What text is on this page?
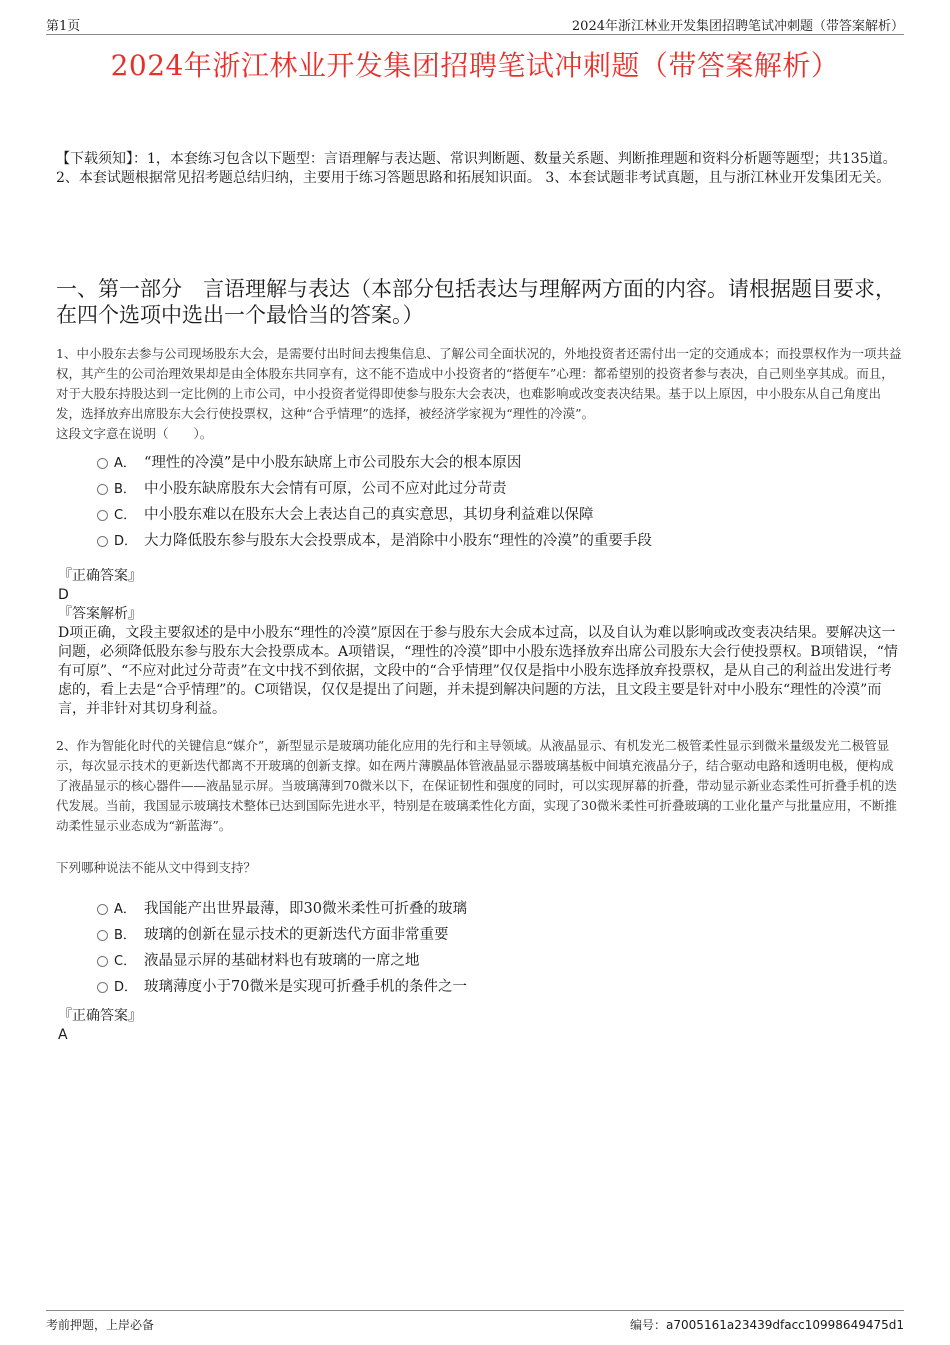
第1页	2024年浙江林业开发集团招聘笔试冲刺题（带答案解析）
2024年浙江林业开发集团招聘笔试冲刺题（带答案解析）
【下载须知】：1，本套练习包含以下题型：言语理解与表达题、常识判断题、数量关系题、判断推理题和资料分析题等题型；共135道。 2、本套试题根据常见招考题总结归纳，主要用于练习答题思路和拓展知识面。 3、本套试题非考试真题，且与浙江林业开发集团无关。
一、第一部分　言语理解与表达（本部分包括表达与理解两方面的内容。请根据题目要求，在四个选项中选出一个最恰当的答案。）
1、中小股东去参与公司现场股东大会，是需要付出时间去搜集信息、了解公司全面状况的，外地投资者还需付出一定的交通成本；而投票权作为一项共益权，其产生的公司治理效果却是由全体股东共同享有，这不能不造成中小投资者的“搭便车”心理：都希望别的投资者参与表决，自己则坐享其成。而且，对于大股东持股达到一定比例的上市公司，中小投资者觉得即使参与股东大会表决，也难影响或改变表决结果。基于以上原因，中小股东从自己角度出发，选择放弃出席股东大会行使投票权，这种“合乎情理”的选择，被经济学家视为“理性的冷漠”。
这段文字意在说明（　　）。
A． “理性的冷漠”是中小股东缺席上市公司股东大会的根本原因
B． 中小股东缺席股东大会情有可原，公司不应对此过分苛责
C． 中小股东难以在股东大会上表达自己的真实意思，其切身利益难以保障
D． 大力降低股东参与股东大会投票成本，是消除中小股东“理性的冷漠”的重要手段
『正确答案』
D
『答案解析』
D项正确，文段主要叙述的是中小股东“理性的冷漠”原因在于参与股东大会成本过高，以及自认为难以影响或改变表决结果。要解决这一问题，必须降低股东参与股东大会投票成本。A项错误，“理性的冷漠”即中小股东选择放弃出席公司股东大会行使投票权。B项错误，“情有可原”、“不应对此过分苛责”在文中找不到依据，文段中的“合乎情理”仅仅是指中小股东选择放弃投票权，是从自己的利益出发进行考虑的，看上去是“合乎情理”的。C项错误，仅仅是提出了问题，并未提到解决问题的方法，且文段主要是针对中小股东“理性的冷漠”而言，并非针对其切身利益。
2、作为智能化时代的关键信息“媒介”，新型显示是玻璃功能化应用的先行和主导领域。从液晶显示、有机发光二极管柔性显示到微米量级发光二极管显示，每次显示技术的更新迭代都离不开玻璃的创新支撑。如在两片薄膜晶体管液晶显示器玻璃基板中间填充液晶分子，结合驱动电路和透明电极，便构成了液晶显示的核心器件——液晶显示屏。当玻璃薄到70微米以下，在保证韧性和强度的同时，可以实现屏幕的折叠，带动显示新业态柔性可折叠手机的迭代发展。当前，我国显示玻璃技术整体已达到国际先进水平，特别是在玻璃柔性化方面，实现了30微米柔性可折叠玻璃的工业化量产与批量应用，不断推动柔性显示业态成为“新蓝海”。
下列哪种说法不能从文中得到支持？
A． 我国能产出世界最薄，即30微米柔性可折叠的玻璃
B． 玻璃的创新在显示技术的更新迭代方面非常重要
C． 液晶显示屏的基础材料也有玻璃的一席之地
D． 玻璃薄度小于70微米是实现可折叠手机的条件之一
『正确答案』
A
考前押题，上岸必备	编号：a7005161a23439dfacc10998649475d1
